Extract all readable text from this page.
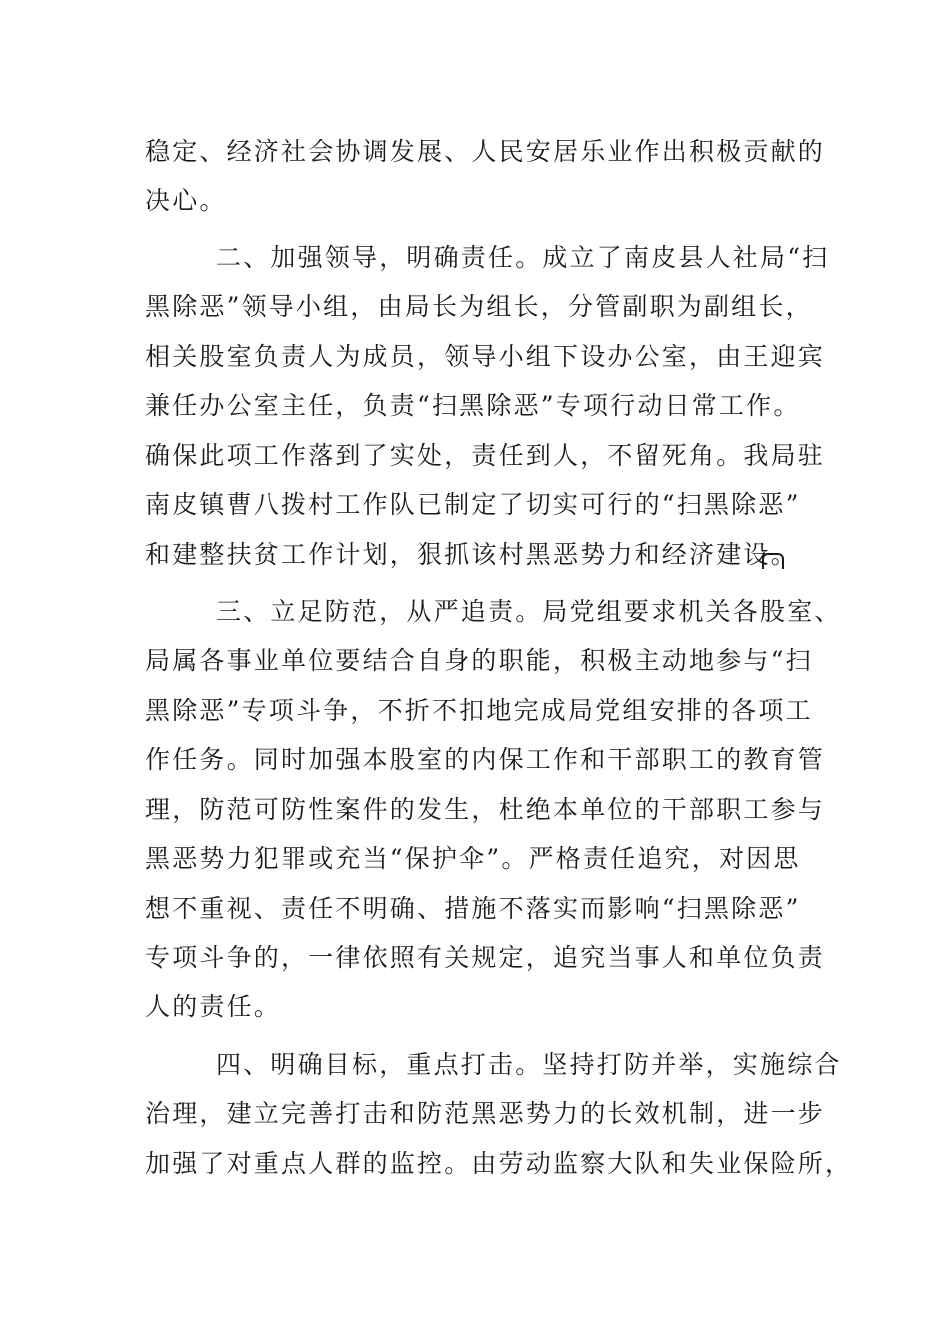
稳定、经济社会协调发展、人民安居乐业作出积极贡献的
决心。
二、加强领导，明确责任。成立了南皮县人社局“扫
黑除恶”领导小组，由局长为组长，分管副职为副组长，
相关股室负责人为成员，领导小组下设办公室，由王迎宾
兼任办公室主任，负责“扫黑除恶”专项行动日常工作。
确保此项工作落到了实处，责任到人，不留死角。我局驻
南皮镇曹八拨村工作队已制定了切实可行的“扫黑除恶”
和建整扶贫工作计划，狠抓该村黑恶势力和经济建设。
三、立足防范，从严追责。局党组要求机关各股室、
局属各事业单位要结合自身的职能，积极主动地参与“扫
黑除恶”专项斗争，不折不扣地完成局党组安排的各项工
作任务。同时加强本股室的内保工作和干部职工的教育管
理，防范可防性案件的发生，杜绝本单位的干部职工参与
黑恶势力犯罪或充当“保护伞”。严格责任追究，对因思
想不重视、责任不明确、措施不落实而影响“扫黑除恶”
专项斗争的，一律依照有关规定，追究当事人和单位负责
人的责任。
四、明确目标，重点打击。坚持打防并举，实施综合
治理，建立完善打击和防范黑恶势力的长效机制，进一步
加强了对重点人群的监控。由劳动监察大队和失业保险所，
